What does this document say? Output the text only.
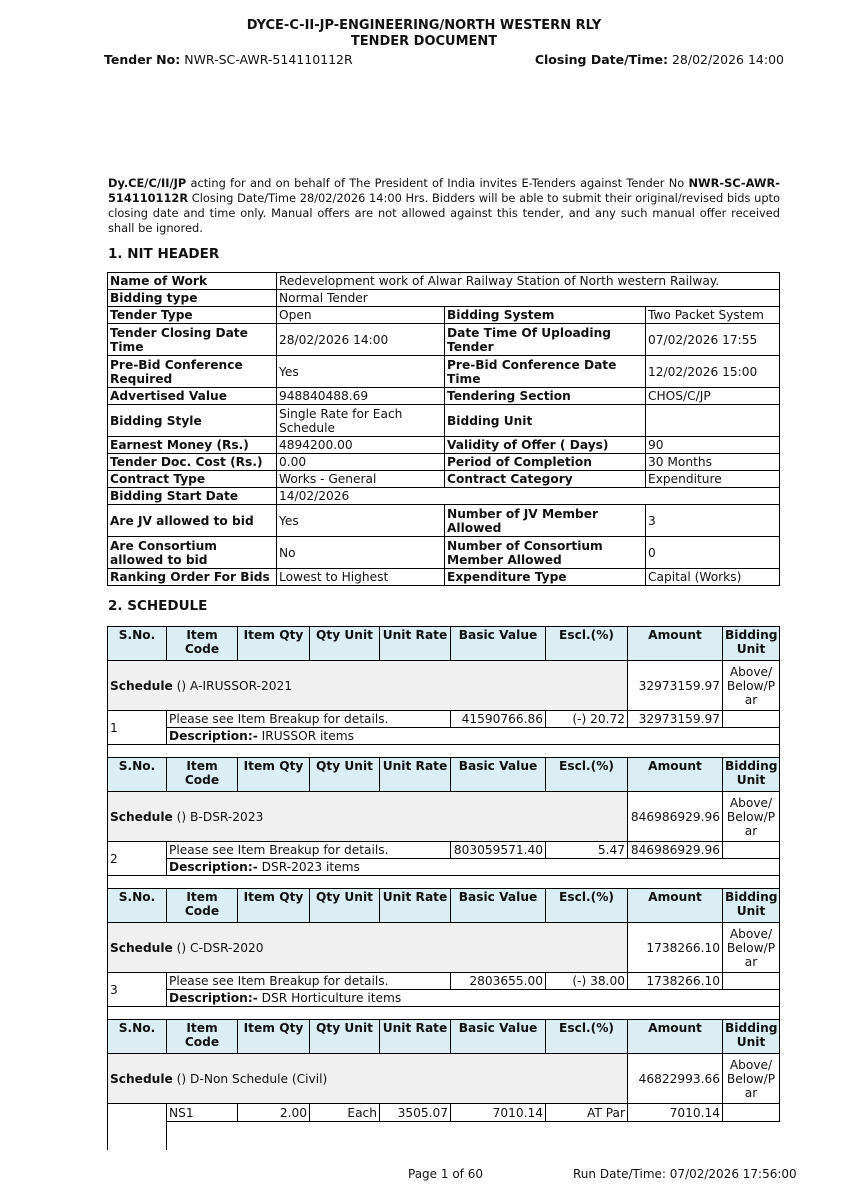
DYCE-C-II-JP-ENGINEERING/NORTH WESTERN RLY
TENDER DOCUMENT
Tender No: NWR-SC-AWR-514110112R	Closing Date/Time: 28/02/2026 14:00
Dy.CE/C/II/JP acting for and on behalf of The President of India invites E-Tenders against Tender No NWR-SC-AWR-514110112R Closing Date/Time 28/02/2026 14:00 Hrs. Bidders will be able to submit their original/revised bids upto closing date and time only. Manual offers are not allowed against this tender, and any such manual offer received shall be ignored.
1. NIT HEADER
Name of Work	Redevelopment work of Alwar Railway Station of North western Railway.		
Bidding type	Normal Tender		
Tender Type	Open	Bidding System	Two Packet System
Tender Closing Date Time	28/02/2026 14:00	Date Time Of Uploading Tender	07/02/2026 17:55
Pre-Bid Conference Required	Yes	Pre-Bid Conference Date Time	12/02/2026 15:00
Advertised Value	948840488.69	Tendering Section	CHOS/C/JP
Bidding Style	Single Rate for Each Schedule	Bidding Unit	
Earnest Money (Rs.)	4894200.00	Validity of Offer ( Days)	90
Tender Doc. Cost (Rs.)	0.00	Period of Completion	30 Months
Contract Type	Works - General	Contract Category	Expenditure
Bidding Start Date	14/02/2026		
Are JV allowed to bid	Yes	Number of JV Member Allowed	3
Are Consortium allowed to bid	No	Number of Consortium Member Allowed	0
Ranking Order For Bids	Lowest to Highest	Expenditure Type	Capital (Works)
2. SCHEDULE
S.No.	Item Code	Item Qty	Qty Unit	Unit Rate	Basic Value	Escl.(%)	Amount	Bidding Unit
Schedule () A-IRUSSOR-2021							32973159.97	Above/ Below/P ar
1	Please see Item Breakup for details.				41590766.86	(-) 20.72	32973159.97	
	Description:- IRUSSOR items							

S.No.	Item Code	Item Qty	Qty Unit	Unit Rate	Basic Value	Escl.(%)	Amount	Bidding Unit
Schedule () B-DSR-2023							846986929.96	Above/ Below/P ar
2	Please see Item Breakup for details.				803059571.40	5.47	846986929.96	
	Description:- DSR-2023 items							

S.No.	Item Code	Item Qty	Qty Unit	Unit Rate	Basic Value	Escl.(%)	Amount	Bidding Unit
Schedule () C-DSR-2020							1738266.10	Above/ Below/P ar
3	Please see Item Breakup for details.				2803655.00	(-) 38.00	1738266.10	
	Description:- DSR Horticulture items							

S.No.	Item Code	Item Qty	Qty Unit	Unit Rate	Basic Value	Escl.(%)	Amount	Bidding Unit
Schedule () D-Non Schedule (Civil)							46822993.66	Above/ Below/P ar
	NS1	2.00	Each	3505.07	7010.14	AT Par	7010.14	

Page 1 of 60	Run Date/Time: 07/02/2026 17:56:00
